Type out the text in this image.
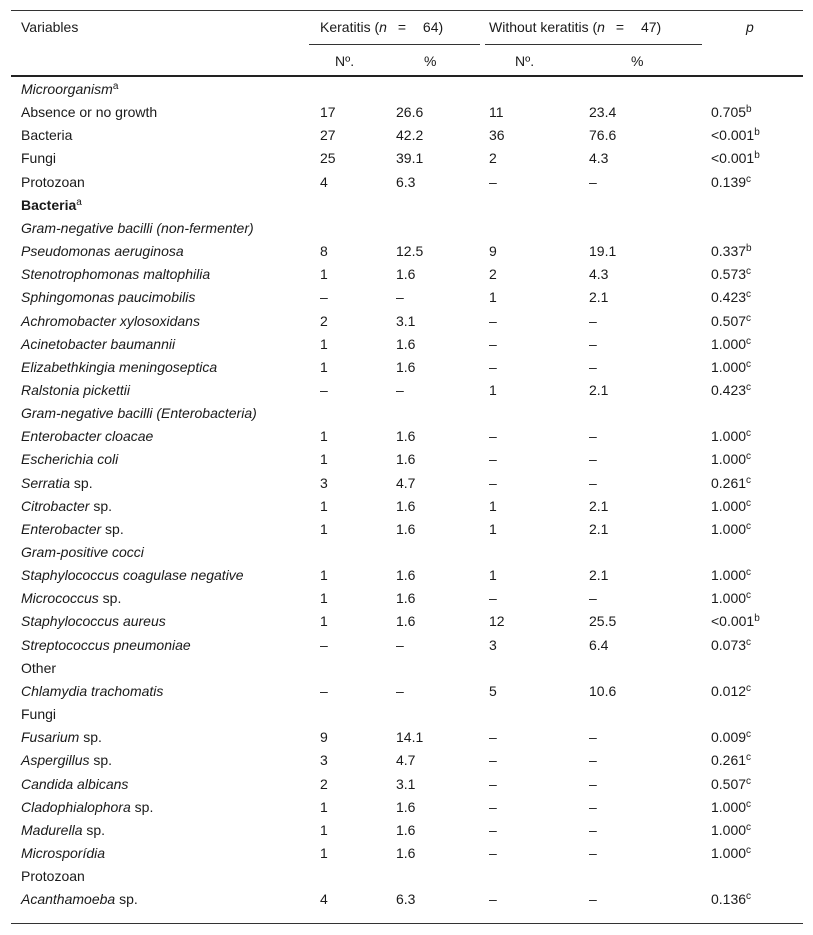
Variables	Keratitis (n = 64)	Without keratitis (n = 47)	p
Nº.	%	Nº.	%
Microorganism$^a$
Absence or no growth	17	26.6	11	23.4	0.705$^b$
Bacteria	27	42.2	36	76.6	<0.001$^b$
Fungi	25	39.1	2	4.3	<0.001$^b$
Protozoan	4	6.3	–	–	0.139$^c$
Bacteria$^a$
Gram-negative bacilli (non-fermenter)
Pseudomonas aeruginosa	8	12.5	9	19.1	0.337$^b$
Stenotrophomonas maltophilia	1	1.6	2	4.3	0.573$^c$
Sphingomonas paucimobilis	–	–	1	2.1	0.423$^c$
Achromobacter xylosoxidans	2	3.1	–	–	0.507$^c$
Acinetobacter baumannii	1	1.6	–	–	1.000$^c$
Elizabethkingia meningoseptica	1	1.6	–	–	1.000$^c$
Ralstonia pickettii	–	–	1	2.1	0.423$^c$
Gram-negative bacilli (Enterobacteria)
Enterobacter cloacae	1	1.6	–	–	1.000$^c$
Escherichia coli	1	1.6	–	–	1.000$^c$
Serratia sp.	3	4.7	–	–	0.261$^c$
Citrobacter sp.	1	1.6	1	2.1	1.000$^c$
Enterobacter sp.	1	1.6	1	2.1	1.000$^c$
Gram-positive cocci
Staphylococcus coagulase negative	1	1.6	1	2.1	1.000$^c$
Micrococcus sp.	1	1.6	–	–	1.000$^c$
Staphylococcus aureus	1	1.6	12	25.5	<0.001$^b$
Streptococcus pneumoniae	–	–	3	6.4	0.073$^c$
Other
Chlamydia trachomatis	–	–	5	10.6	0.012$^c$
Fungi
Fusarium sp.	9	14.1	–	–	0.009$^c$
Aspergillus sp.	3	4.7	–	–	0.261$^c$
Candida albicans	2	3.1	–	–	0.507$^c$
Cladophialophora sp.	1	1.6	–	–	1.000$^c$
Madurella sp.	1	1.6	–	–	1.000$^c$
Microsporídia	1	1.6	–	–	1.000$^c$
Protozoan
Acanthamoeba sp.	4	6.3	–	–	0.136$^c$
